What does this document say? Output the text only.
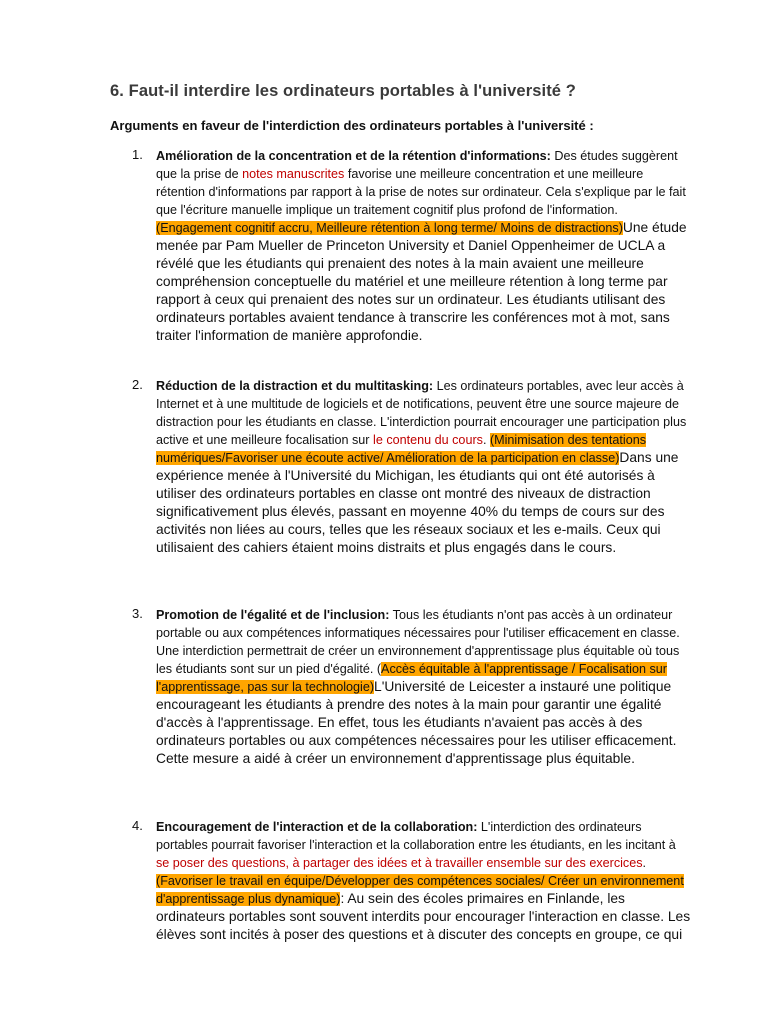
6. Faut-il interdire les ordinateurs portables à l'université ?
Arguments en faveur de l'interdiction des ordinateurs portables à l'université :
1. Amélioration de la concentration et de la rétention d'informations: Des études suggèrent que la prise de notes manuscrites favorise une meilleure concentration et une meilleure rétention d'informations par rapport à la prise de notes sur ordinateur. Cela s'explique par le fait que l'écriture manuelle implique un traitement cognitif plus profond de l'information. (Engagement cognitif accru, Meilleure rétention à long terme/ Moins de distractions)Une étude menée par Pam Mueller de Princeton University et Daniel Oppenheimer de UCLA a révélé que les étudiants qui prenaient des notes à la main avaient une meilleure compréhension conceptuelle du matériel et une meilleure rétention à long terme par rapport à ceux qui prenaient des notes sur un ordinateur. Les étudiants utilisant des ordinateurs portables avaient tendance à transcrire les conférences mot à mot, sans traiter l'information de manière approfondie.
2. Réduction de la distraction et du multitasking: Les ordinateurs portables, avec leur accès à Internet et à une multitude de logiciels et de notifications, peuvent être une source majeure de distraction pour les étudiants en classe. L'interdiction pourrait encourager une participation plus active et une meilleure focalisation sur le contenu du cours. (Minimisation des tentations numériques/Favoriser une écoute active/ Amélioration de la participation en classe)Dans une expérience menée à l'Université du Michigan, les étudiants qui ont été autorisés à utiliser des ordinateurs portables en classe ont montré des niveaux de distraction significativement plus élevés, passant en moyenne 40% du temps de cours sur des activités non liées au cours, telles que les réseaux sociaux et les e-mails. Ceux qui utilisaient des cahiers étaient moins distraits et plus engagés dans le cours.
3. Promotion de l'égalité et de l'inclusion: Tous les étudiants n'ont pas accès à un ordinateur portable ou aux compétences informatiques nécessaires pour l'utiliser efficacement en classe. Une interdiction permettrait de créer un environnement d'apprentissage plus équitable où tous les étudiants sont sur un pied d'égalité. (Accès équitable à l'apprentissage / Focalisation sur l'apprentissage, pas sur la technologie)L'Université de Leicester a instauré une politique encourageant les étudiants à prendre des notes à la main pour garantir une égalité d'accès à l'apprentissage. En effet, tous les étudiants n'avaient pas accès à des ordinateurs portables ou aux compétences nécessaires pour les utiliser efficacement. Cette mesure a aidé à créer un environnement d'apprentissage plus équitable.
4. Encouragement de l'interaction et de la collaboration: L'interdiction des ordinateurs portables pourrait favoriser l'interaction et la collaboration entre les étudiants, en les incitant à se poser des questions, à partager des idées et à travailler ensemble sur des exercices. (Favoriser le travail en équipe/Développer des compétences sociales/ Créer un environnement d'apprentissage plus dynamique): Au sein des écoles primaires en Finlande, les ordinateurs portables sont souvent interdits pour encourager l'interaction en classe. Les élèves sont incités à poser des questions et à discuter des concepts en groupe, ce qui
